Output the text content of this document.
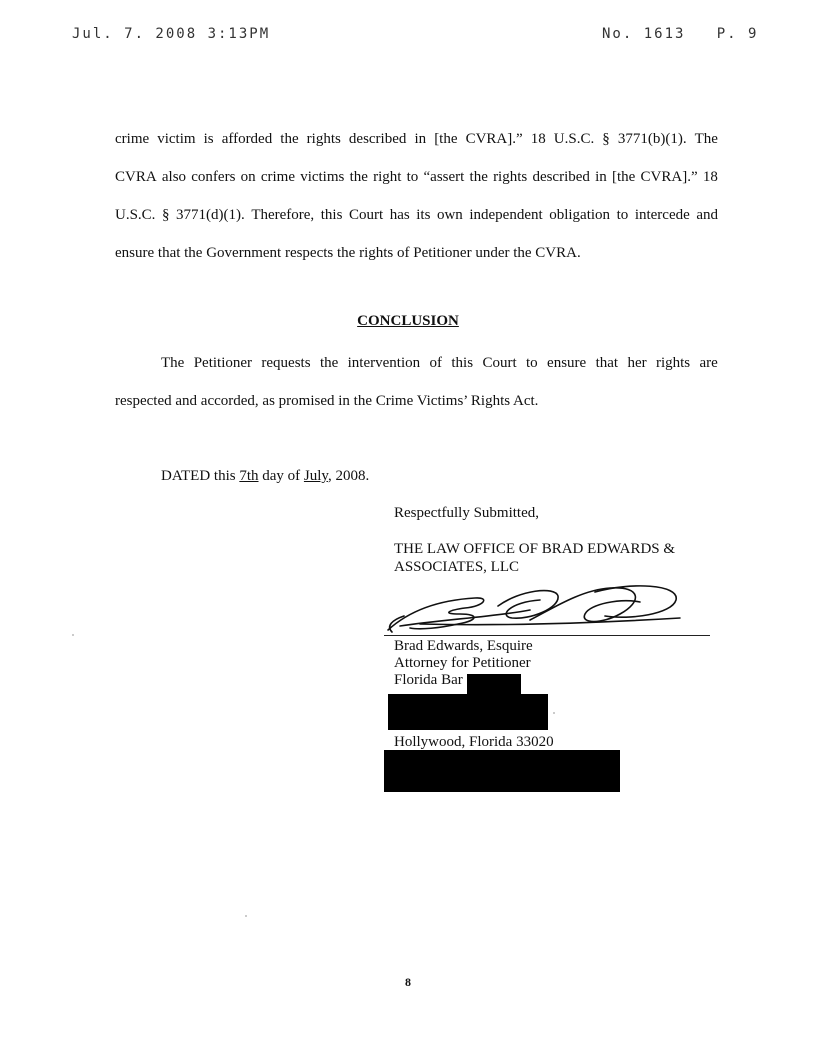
Jul. 7. 2008 3:13PM	No. 1613 P. 9
crime victim is afforded the rights described in [the CVRA].” 18 U.S.C. § 3771(b)(1). The
CVRA also confers on crime victims the right to “assert the rights described in [the CVRA].” 18
U.S.C. § 3771(d)(1). Therefore, this Court has its own independent obligation to intercede and
ensure that the Government respects the rights of Petitioner under the CVRA.
CONCLUSION
The Petitioner requests the intervention of this Court to ensure that her rights are
respected and accorded, as promised in the Crime Victims’ Rights Act.
DATED this 7th day of July, 2008.
Respectfully Submitted,
THE LAW OFFICE OF BRAD EDWARDS &
ASSOCIATES, LLC
Brad Edwards, Esquire
Attorney for Petitioner
Florida Bar
Hollywood, Florida 33020
8
